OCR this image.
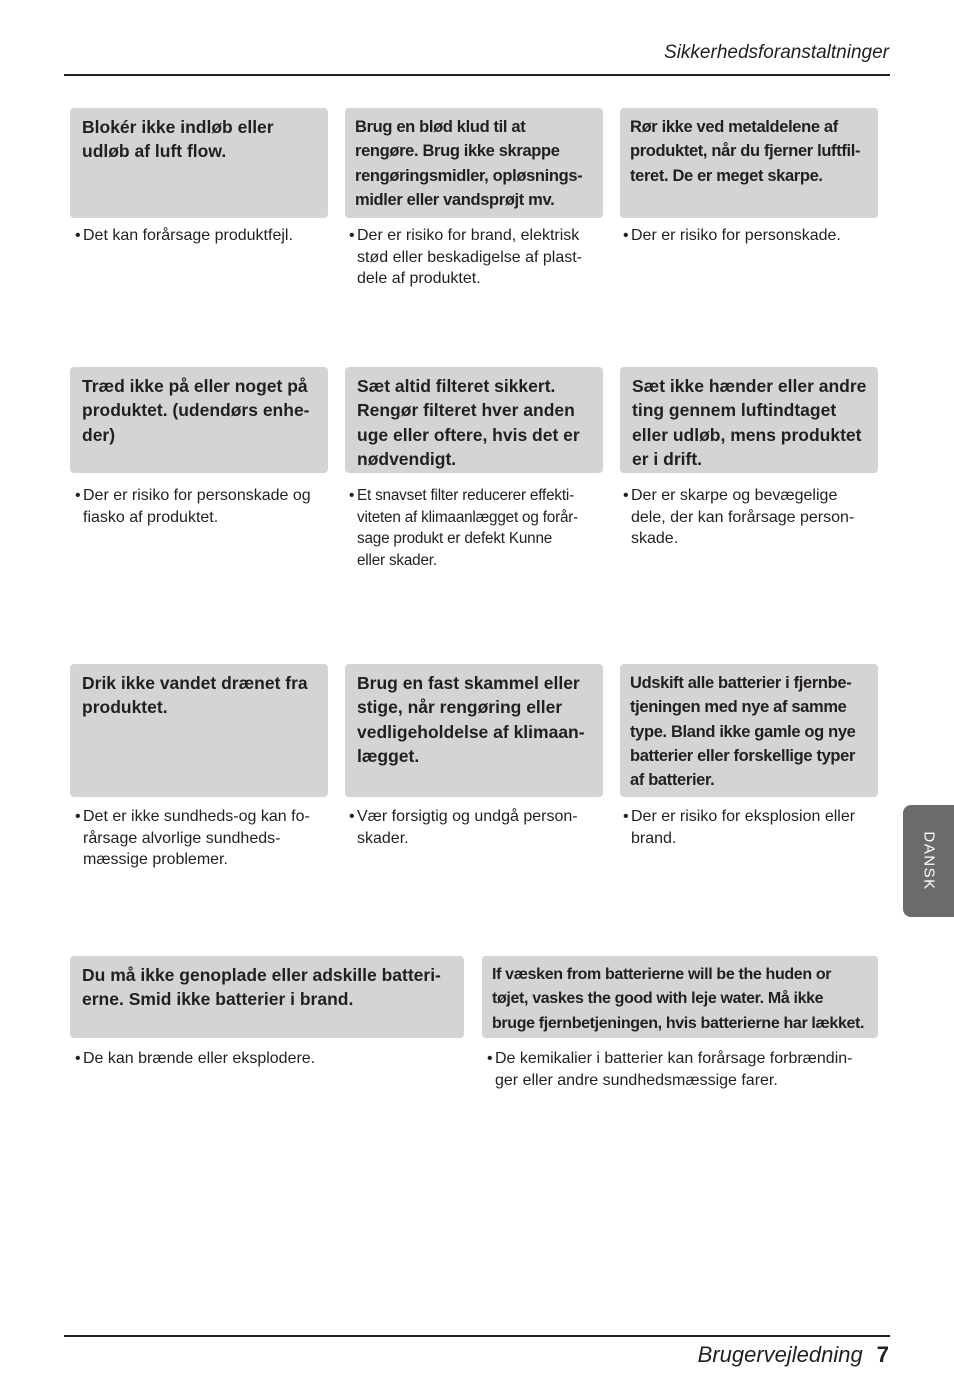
Sikkerhedsforanstaltninger
Blokér ikke indløb eller
udløb af luft flow.
• Det kan forårsage produktfejl.
Brug en blød klud til at
rengøre. Brug ikke skrappe
rengøringsmidler, opløsnings-
midler eller vandsprøjt mv.
• Der er risiko for brand, elektrisk
stød eller beskadigelse af plast-
dele af produktet.
Rør ikke ved metaldelene af
produktet, når du fjerner luftfil-
teret. De er meget skarpe.
• Der er risiko for personskade.
Træd ikke på eller noget på
produktet. (udendørs enhe-
der)
• Der er risiko for personskade og
fiasko af produktet.
Sæt altid filteret sikkert.
Rengør filteret hver anden
uge eller oftere, hvis det er
nødvendigt.
• Et snavset filter reducerer effekti-
viteten af klimaanlægget og forår-
sage produkt er defekt Kunne
eller skader.
Sæt ikke hænder eller andre
ting gennem luftindtaget
eller udløb, mens produktet
er i drift.
• Der er skarpe og bevægelige
dele, der kan forårsage person-
skade.
Drik ikke vandet drænet fra
produktet.
• Det er ikke sundheds-og kan fo-
rårsage alvorlige sundheds-
mæssige problemer.
Brug en fast skammel eller
stige, når rengøring eller
vedligeholdelse af klimaan-
lægget.
• Vær forsigtig og undgå person-
skader.
Udskift alle batterier i fjernbe-
tjeningen med nye af samme
type. Bland ikke gamle og nye
batterier eller forskellige typer
af batterier.
• Der er risiko for eksplosion eller
brand.
Du må ikke genoplade eller adskille batteri-
erne. Smid ikke batterier i brand.
• De kan brænde eller eksplodere.
If væsken from batterierne will be the huden or
tøjet, vaskes the good with leje water. Må ikke
bruge fjernbetjeningen, hvis batterierne har lækket.
• De kemikalier i batterier kan forårsage forbrændin-
ger eller andre sundhedsmæssige farer.
DANSK
Brugervejledning 7
